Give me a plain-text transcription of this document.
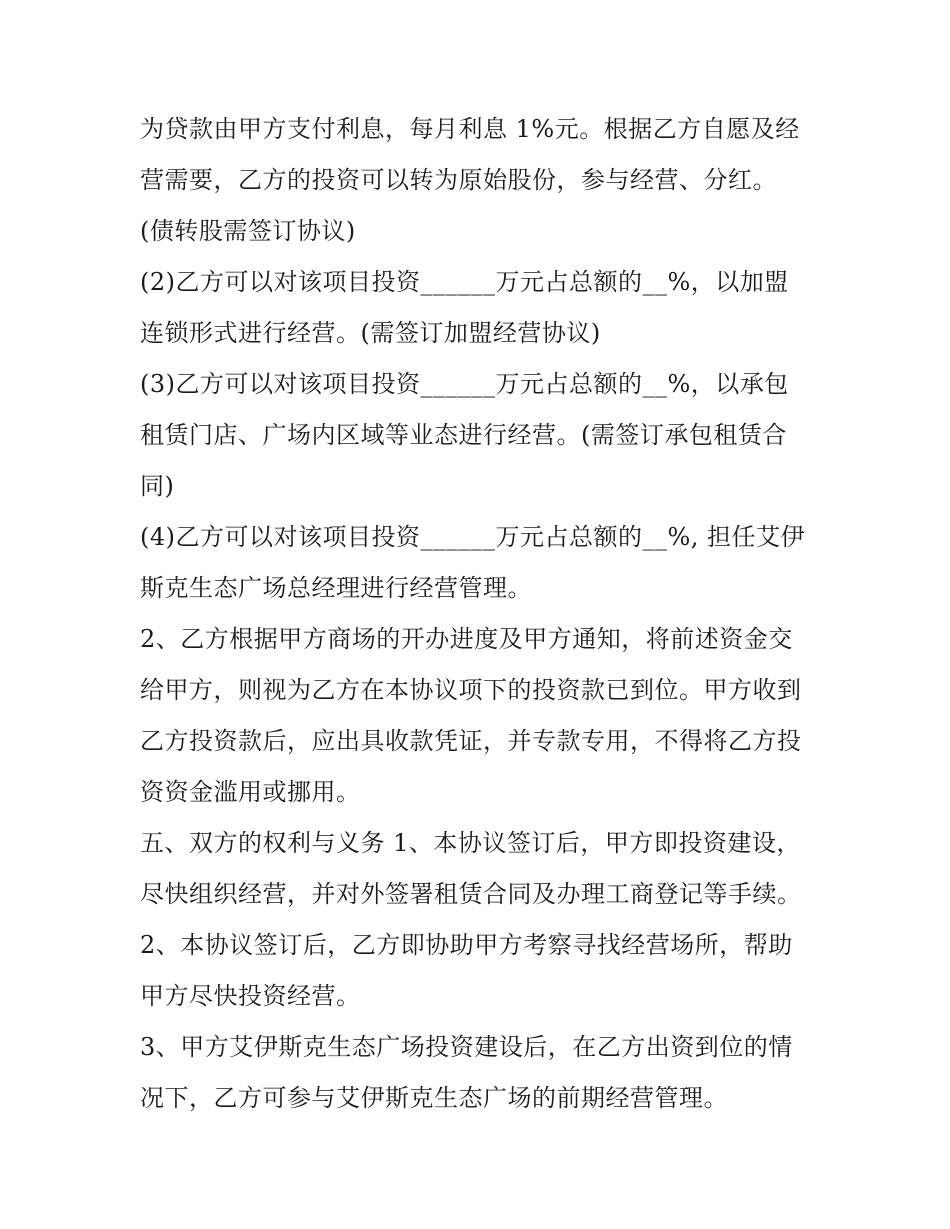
为贷款由甲方支付利息，每月利息 1%元。根据乙方自愿及经
营需要，乙方的投资可以转为原始股份，参与经营、分红。
(债转股需签订协议)
(2)乙方可以对该项目投资______万元占总额的__%，以加盟
连锁形式进行经营。(需签订加盟经营协议)
(3)乙方可以对该项目投资______万元占总额的__%，以承包
租赁门店、广场内区域等业态进行经营。(需签订承包租赁合
同)
(4)乙方可以对该项目投资______万元占总额的__%, 担任艾伊
斯克生态广场总经理进行经营管理。
2、乙方根据甲方商场的开办进度及甲方通知，将前述资金交
给甲方，则视为乙方在本协议项下的投资款已到位。甲方收到
乙方投资款后，应出具收款凭证，并专款专用，不得将乙方投
资资金滥用或挪用。
五、双方的权利与义务 1、本协议签订后，甲方即投资建设，
尽快组织经营，并对外签署租赁合同及办理工商登记等手续。
2、本协议签订后，乙方即协助甲方考察寻找经营场所，帮助
甲方尽快投资经营。
3、甲方艾伊斯克生态广场投资建设后，在乙方出资到位的情
况下，乙方可参与艾伊斯克生态广场的前期经营管理。
